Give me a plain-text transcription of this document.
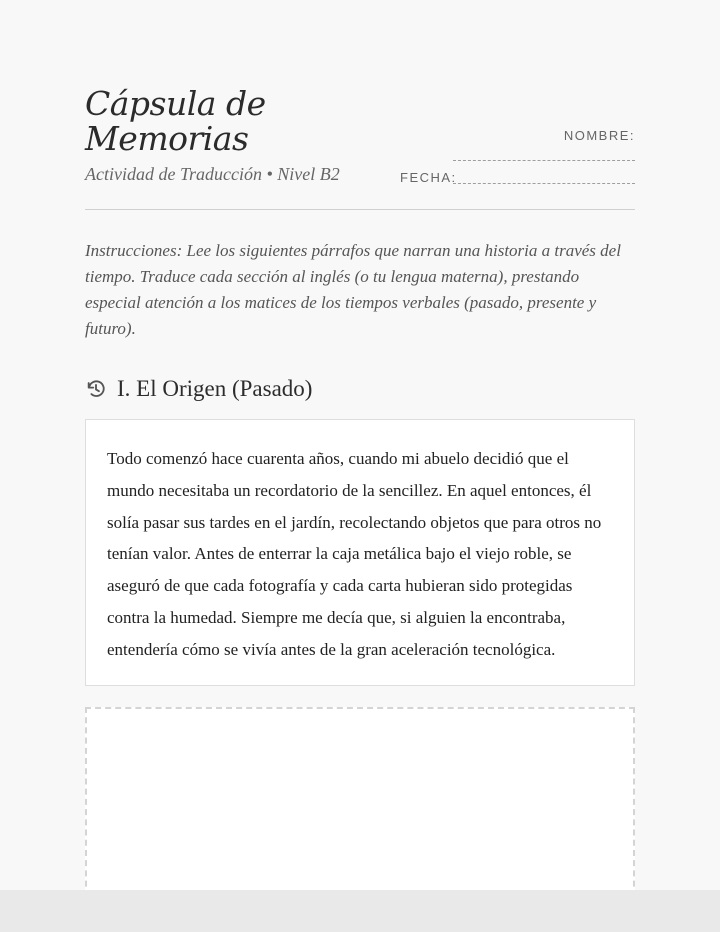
Cápsula de Memorias
Actividad de Traducción • Nivel B2
NOMBRE:
FECHA:

Instrucciones: Lee los siguientes párrafos que narran una historia a través del tiempo. Traduce cada sección al inglés (o tu lengua materna), prestando especial atención a los matices de los tiempos verbales (pasado, presente y futuro).

I. El Origen (Pasado)

Todo comenzó hace cuarenta años, cuando mi abuelo decidió que el mundo necesitaba un recordatorio de la sencillez. En aquel entonces, él solía pasar sus tardes en el jardín, recolectando objetos que para otros no tenían valor. Antes de enterrar la caja metálica bajo el viejo roble, se aseguró de que cada fotografía y cada carta hubieran sido protegidas contra la humedad. Siempre me decía que, si alguien la encontraba, entendería cómo se vivía antes de la gran aceleración tecnológica.
